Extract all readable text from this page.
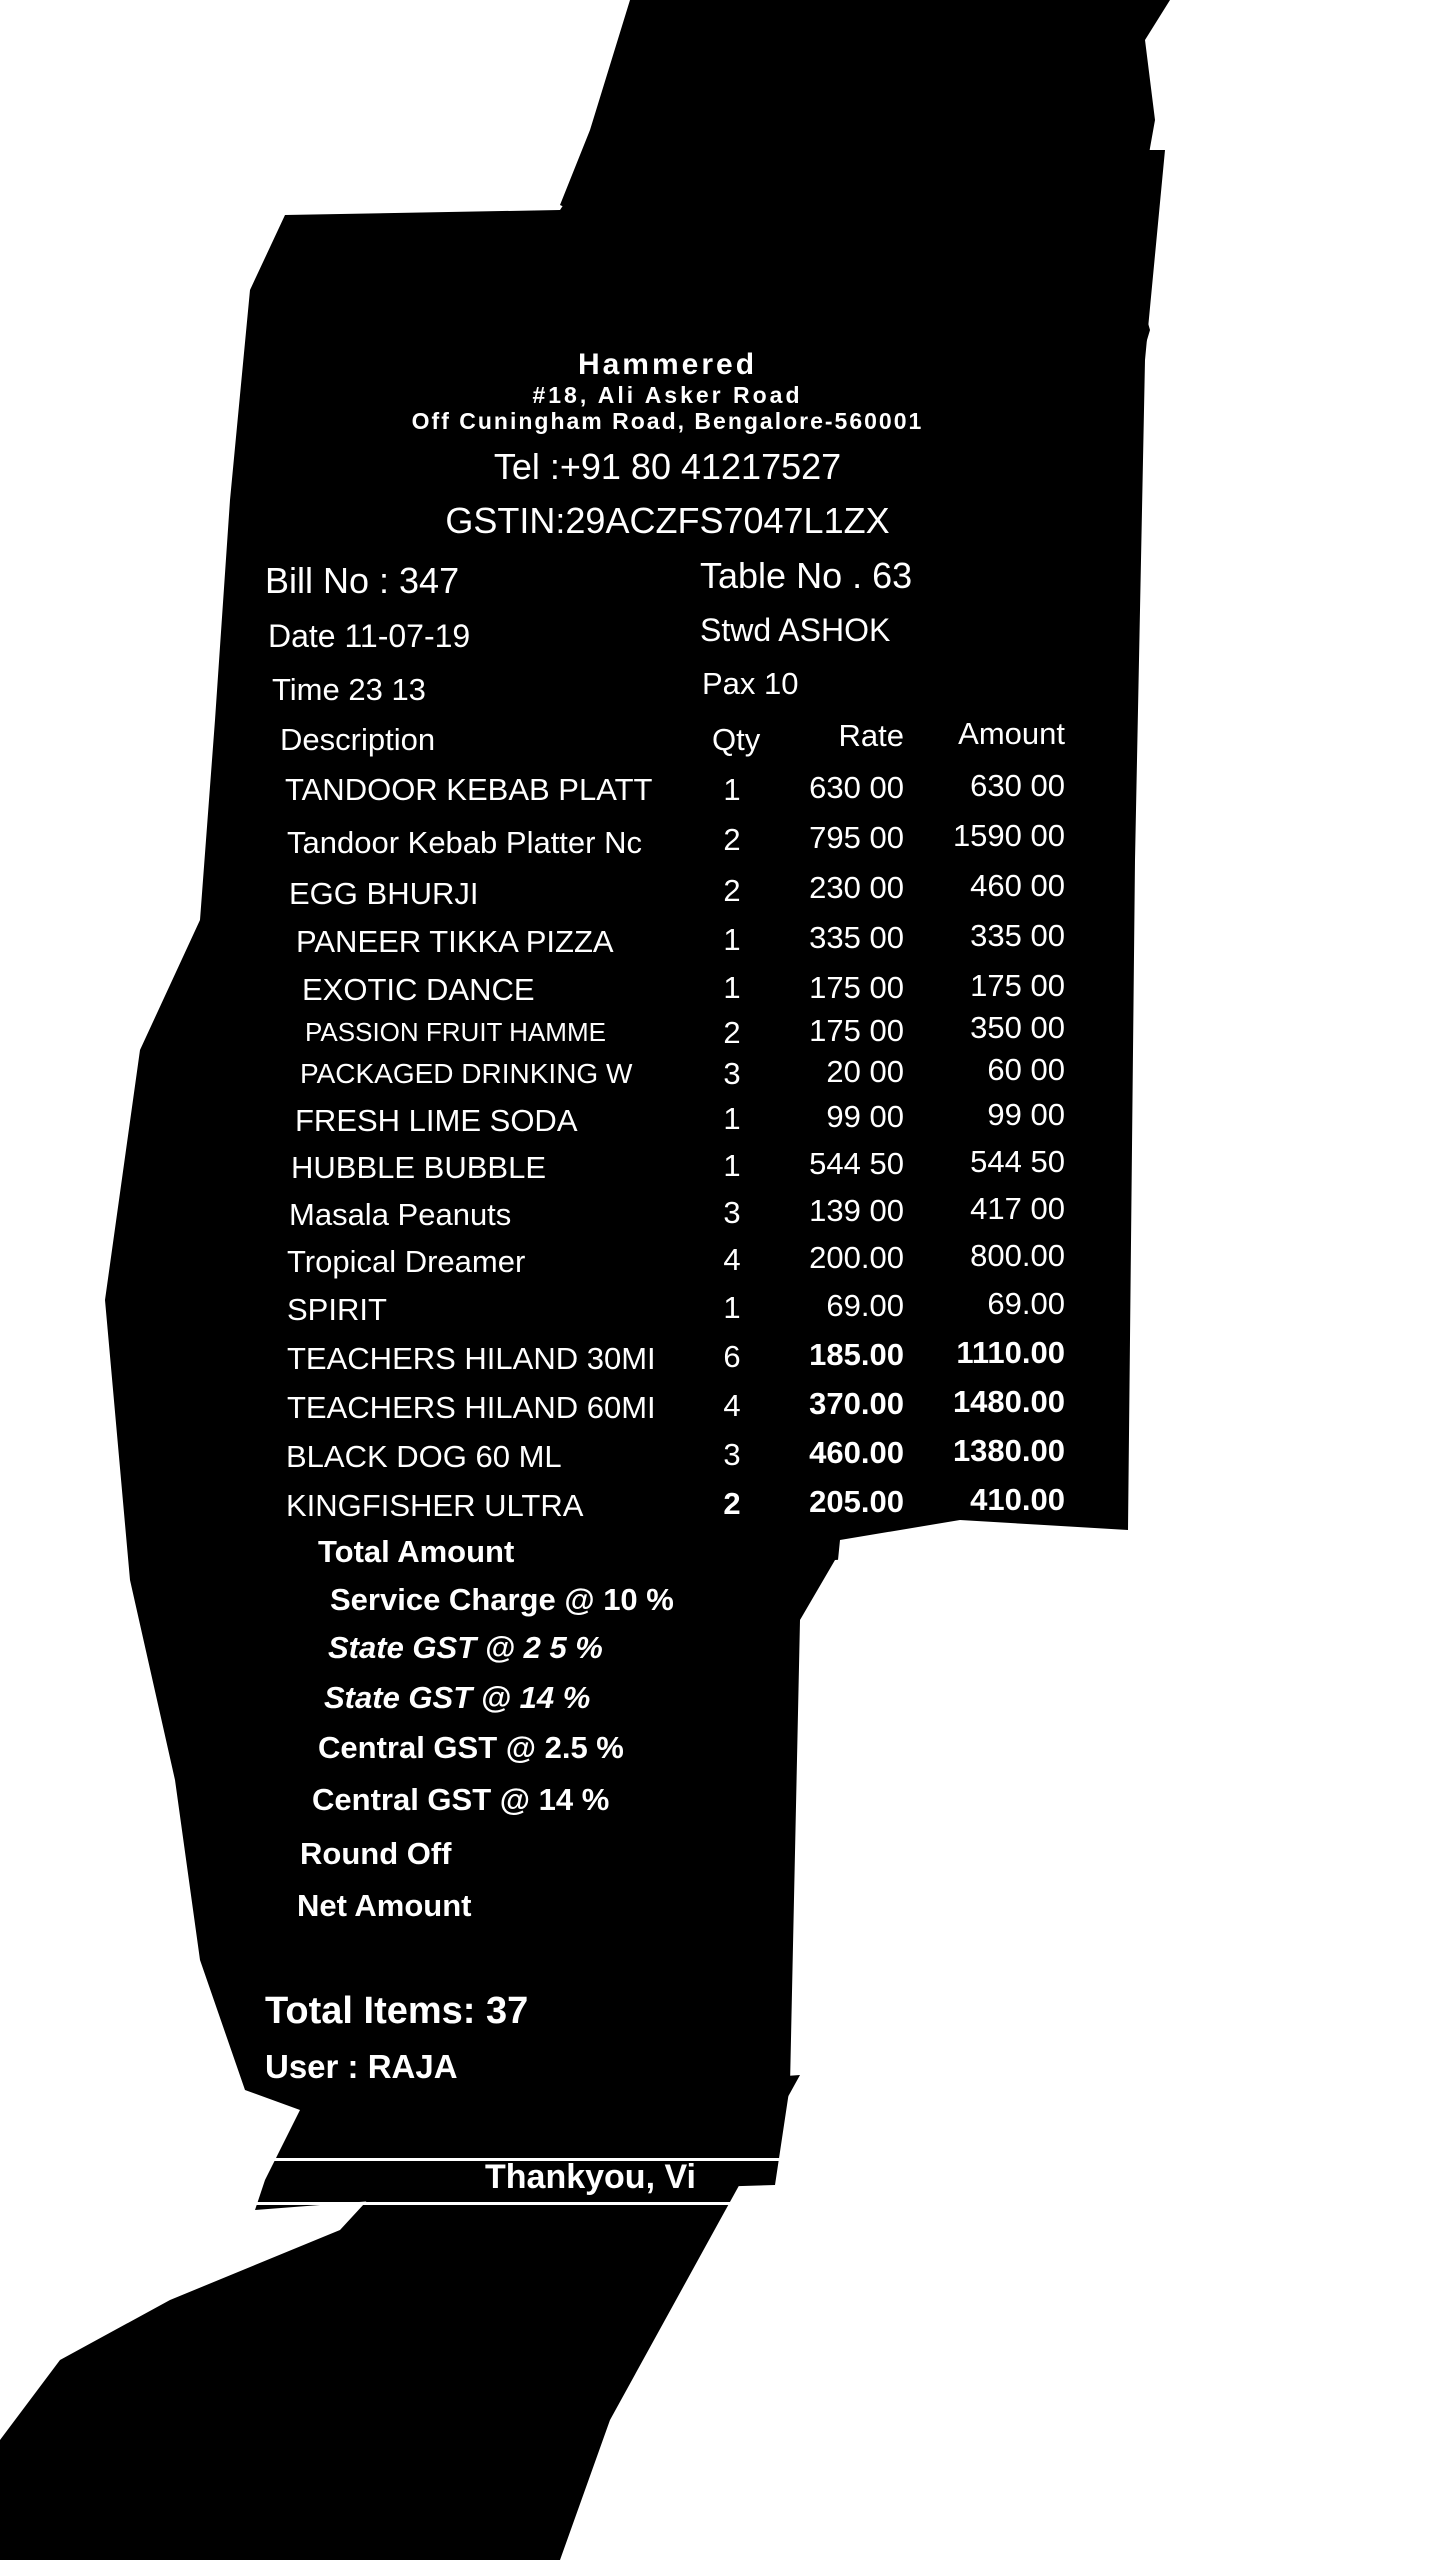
Hammered
#18, Ali Asker Road
Off Cuningham Road, Bengalore-560001
Tel :+91 80 41217527
GSTIN:29ACZFS7047L1ZX
Bill No : 347	Table No . 63
Date 11-07-19	Stwd ASHOK
Time 23 13	Pax 10
Description	Qty	Rate	Amount
TANDOOR KEBAB PLATT	1	630 00	630 00
Tandoor Kebab Platter Nc	2	795 00	1590 00
EGG BHURJI	2	230 00	460 00
PANEER TIKKA PIZZA	1	335 00	335 00
EXOTIC DANCE	1	175 00	175 00
PASSION FRUIT HAMME	2	175 00	350 00
PACKAGED DRINKING W	3	20 00	60 00
FRESH LIME SODA	1	99 00	99 00
HUBBLE BUBBLE	1	544 50	544 50
Masala Peanuts	3	139 00	417 00
Tropical Dreamer	4	200.00	800.00
SPIRIT	1	69.00	69.00
TEACHERS HILAND 30MI	6	185.00	1110.00
TEACHERS HILAND 60MI	4	370.00	1480.00
BLACK DOG 60 ML	3	460.00	1380.00
KINGFISHER ULTRA	2	205.00	410.00
Total Amount
Service Charge @ 10 %
State GST @ 2 5 %
State GST @ 14 %
Central GST @ 2.5 %
Central GST @ 14 %
Round Off
Net Amount
Total Items: 37
User : RAJA
Thankyou, Vi
